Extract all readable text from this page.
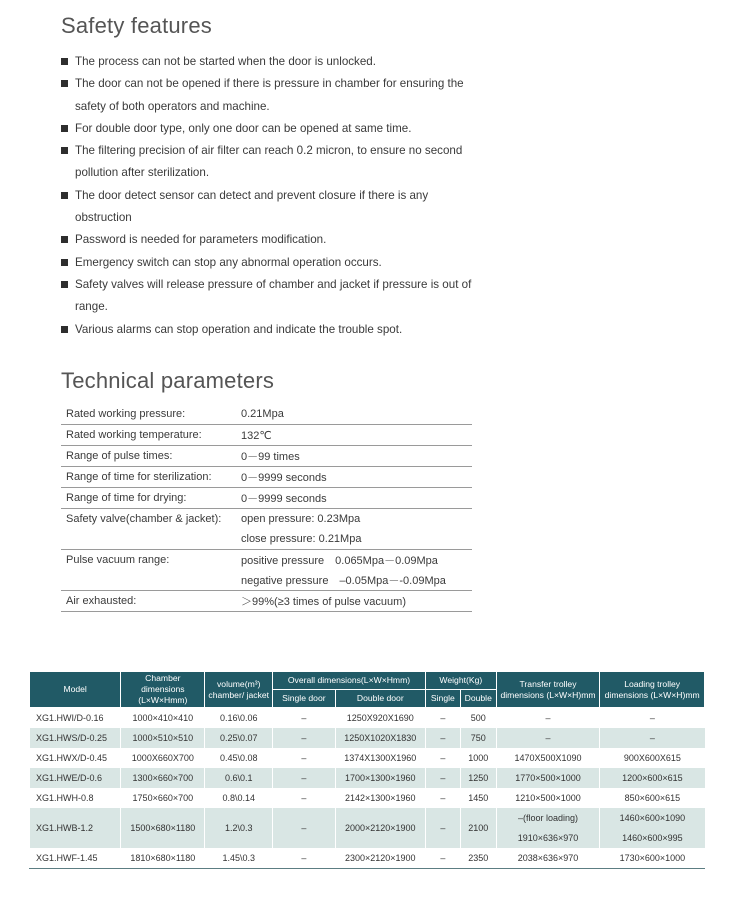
Safety features
The process can not be started when the door is unlocked.
The door can not be opened if there is pressure in chamber for ensuring the safety of both operators and machine.
For double door type, only one door can be opened at same time.
The filtering precision of air filter can reach 0.2 micron, to ensure no second pollution after sterilization.
The door detect sensor can detect and prevent closure if there is any obstruction
Password is needed for parameters modification.
Emergency switch can stop any abnormal operation occurs.
Safety valves will release pressure of chamber and jacket if pressure is out of range.
Various alarms can stop operation and indicate the trouble spot.
Technical parameters
Rated working pressure:	0.21Mpa
Rated working temperature:	132℃
Range of pulse times:	0－99 times
Range of time for sterilization:	0－9999 seconds
Range of time for drying:	0－9999 seconds
Safety valve(chamber & jacket):	open pressure: 0.23Mpa
	close pressure: 0.21Mpa
Pulse vacuum range:	positive pressure　0.065Mpa－0.09Mpa
	negative pressure　–0.05Mpa－-0.09Mpa
Air exhausted:	＞99%(≥3 times of pulse vacuum)
Model	Chamber dimensions (L×W×Hmm)	volume(m³) chamber/ jacket	Overall dimensions(L×W×Hmm)		Weight(Kg)		Transfer trolley dimensions (L×W×H)mm	Loading trolley dimensions (L×W×H)mm
			Single door	Double door	Single	Double		
XG1.HWI/D-0.16	1000×410×410	0.16\0.06	–	1250X920X1690	–	500	–	–
XG1.HWS/D-0.25	1000×510×510	0.25\0.07	–	1250X1020X1830	–	750	–	–
XG1.HWX/D-0.45	1000X660X700	0.45\0.08	–	1374X1300X1960	–	1000	1470X500X1090	900X600X615
XG1.HWE/D-0.6	1300×660×700	0.6\0.1	–	1700×1300×1960	–	1250	1770×500×1000	1200×600×615
XG1.HWH-0.8	1750×660×700	0.8\0.14	–	2142×1300×1960	–	1450	1210×500×1000	850×600×615
XG1.HWB-1.2	1500×680×1180	1.2\0.3	–	2000×2120×1900	–	2100	–(floor loading)	1460×600×1090
							1910×636×970	1460×600×995
XG1.HWF-1.45	1810×680×1180	1.45\0.3	–	2300×2120×1900	–	2350	2038×636×970	1730×600×1000
